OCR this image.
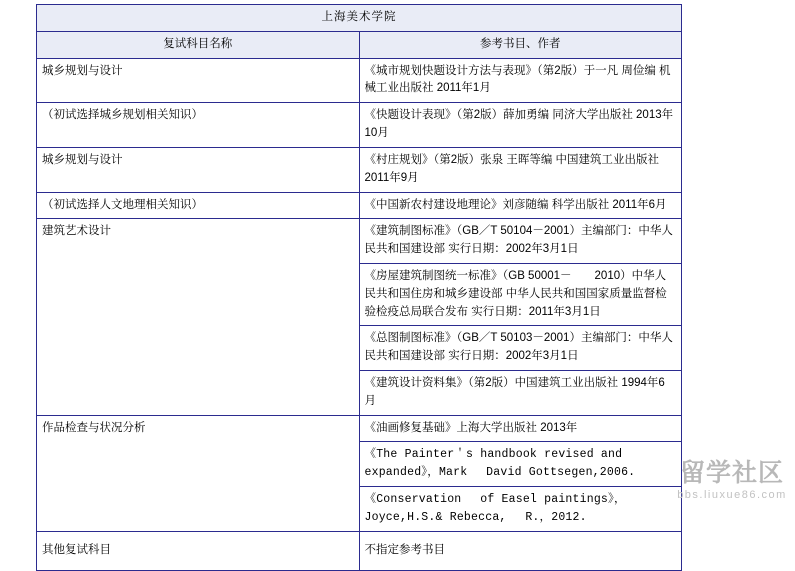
上海美术学院	
复试科目名称	参考书目、作者
城乡规划与设计	《城市规划快题设计方法与表现》（第2版）于一凡 周俭编 机械工业出版社 2011年1月
（初试选择城乡规划相关知识）	《快题设计表现》（第2版）薛加勇编 同济大学出版社 2013年10月
城乡规划与设计	《村庄规划》（第2版）张泉 王晖等编 中国建筑工业出版社 2011年9月
（初试选择人文地理相关知识）	《中国新农村建设地理论》刘彦随编 科学出版社 2011年6月
建筑艺术设计	《建筑制图标准》（GB／T 50104－2001）主编部门：中华人民共和国建设部 实行日期：2002年3月1日
	《房屋建筑制图统一标准》（GB 50001－　　2010）中华人民共和国住房和城乡建设部 中华人民共和国国家质量监督检验检疫总局联合发布 实行日期：2011年3月1日
	《总图制图标准》（GB／T 50103－2001）主编部门：中华人民共和国建设部 实行日期：2002年3月1日
	《建筑设计资料集》（第2版）中国建筑工业出版社 1994年6月
作品检查与状况分析	《油画修复基础》上海大学出版社 2013年
	《The Painter＇s handbook revised and expanded》，Mark　 David Gottsegen,2006.
	《Conservation　 of Easel paintings》，Joyce,H.S.& Rebecca,　 R.，2012.
其他复试科目	不指定参考书目
留学社区
bbs.liuxue86.com
